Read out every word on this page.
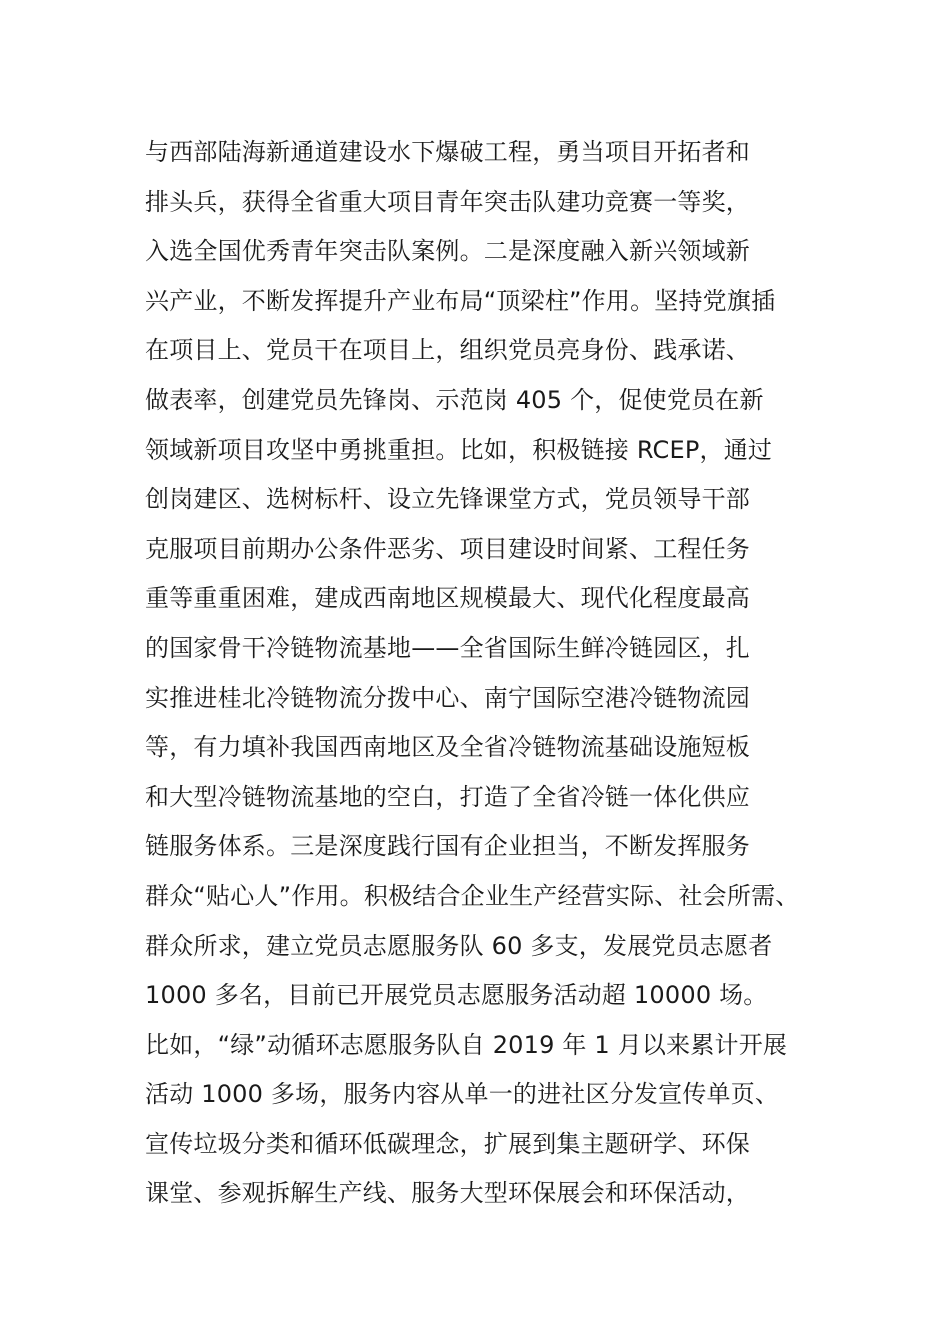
与西部陆海新通道建设水下爆破工程，勇当项目开拓者和
排头兵，获得全省重大项目青年突击队建功竞赛一等奖，
入选全国优秀青年突击队案例。二是深度融入新兴领域新
兴产业，不断发挥提升产业布局“顶梁柱”作用。坚持党旗插
在项目上、党员干在项目上，组织党员亮身份、践承诺、
做表率，创建党员先锋岗、示范岗 405 个，促使党员在新
领域新项目攻坚中勇挑重担。比如，积极链接 RCEP，通过
创岗建区、选树标杆、设立先锋课堂方式，党员领导干部
克服项目前期办公条件恶劣、项目建设时间紧、工程任务
重等重重困难，建成西南地区规模最大、现代化程度最高
的国家骨干冷链物流基地——全省国际生鲜冷链园区，扎
实推进桂北冷链物流分拨中心、南宁国际空港冷链物流园
等，有力填补我国西南地区及全省冷链物流基础设施短板
和大型冷链物流基地的空白，打造了全省冷链一体化供应
链服务体系。三是深度践行国有企业担当，不断发挥服务
群众“贴心人”作用。积极结合企业生产经营实际、社会所需、
群众所求，建立党员志愿服务队 60 多支，发展党员志愿者
1000 多名，目前已开展党员志愿服务活动超 10000 场。
比如，“绿”动循环志愿服务队自 2019 年 1 月以来累计开展
活动 1000 多场，服务内容从单一的进社区分发宣传单页、
宣传垃圾分类和循环低碳理念，扩展到集主题研学、环保
课堂、参观拆解生产线、服务大型环保展会和环保活动，
